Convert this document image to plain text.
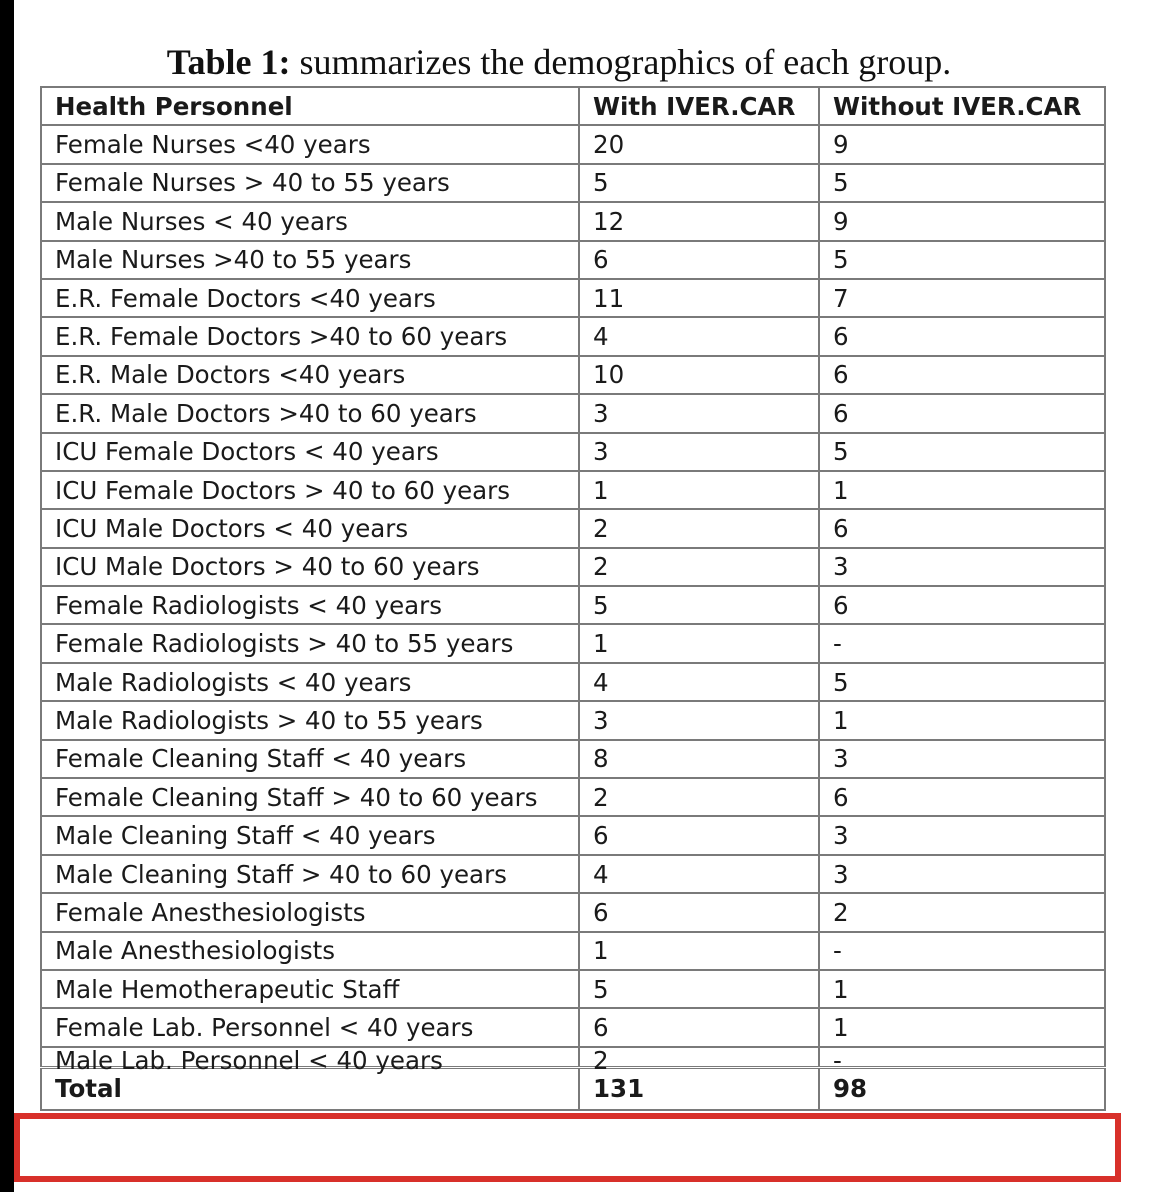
Table 1: summarizes the demographics of each group.
Health Personnel	With IVER.CAR	Without IVER.CAR
Female Nurses <40 years	20	9
Female Nurses > 40 to 55 years	5	5
Male Nurses < 40 years	12	9
Male Nurses >40 to 55 years	6	5
E.R. Female Doctors <40 years	11	7
E.R. Female Doctors >40 to 60 years	4	6
E.R. Male Doctors <40 years	10	6
E.R. Male Doctors >40 to 60 years	3	6
ICU Female Doctors < 40 years	3	5
ICU Female Doctors > 40 to 60 years	1	1
ICU Male Doctors < 40 years	2	6
ICU Male Doctors > 40 to 60 years	2	3
Female Radiologists < 40 years	5	6
Female Radiologists > 40 to 55 years	1	-
Male Radiologists < 40 years	4	5
Male Radiologists > 40 to 55 years	3	1
Female Cleaning Staff < 40 years	8	3
Female Cleaning Staff > 40 to 60 years	2	6
Male Cleaning Staff < 40 years	6	3
Male Cleaning Staff > 40 to 60 years	4	3
Female Anesthesiologists	6	2
Male Anesthesiologists	1	-
Male Hemotherapeutic Staff	5	1
Female Lab. Personnel < 40 years	6	1

Male Lab. Personnel < 40 years	2	-

Total	131	98
